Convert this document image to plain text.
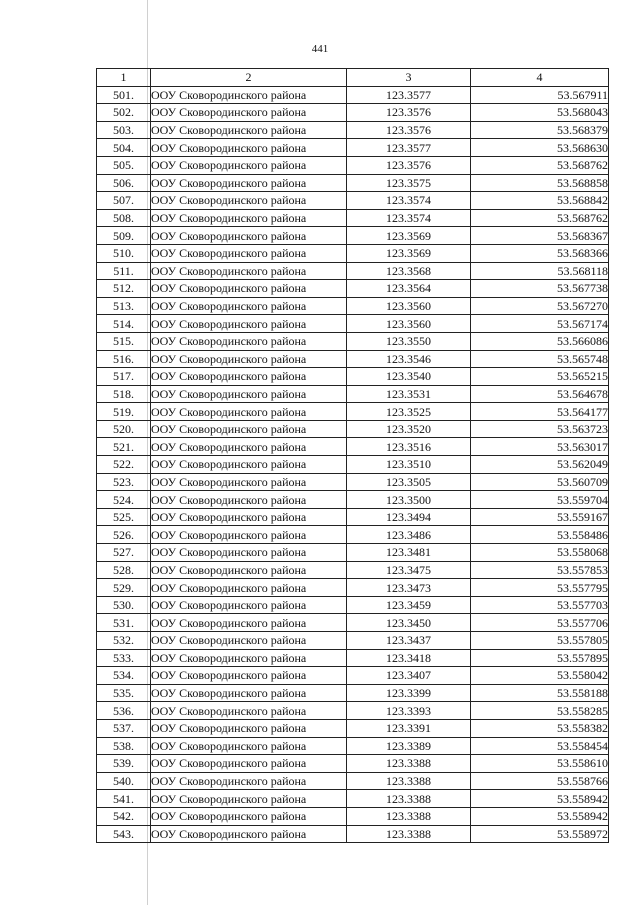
441
1	2	3	4
501.	ООУ Сковородинского района	123.3577	53.567911
502.	ООУ Сковородинского района	123.3576	53.568043
503.	ООУ Сковородинского района	123.3576	53.568379
504.	ООУ Сковородинского района	123.3577	53.568630
505.	ООУ Сковородинского района	123.3576	53.568762
506.	ООУ Сковородинского района	123.3575	53.568858
507.	ООУ Сковородинского района	123.3574	53.568842
508.	ООУ Сковородинского района	123.3574	53.568762
509.	ООУ Сковородинского района	123.3569	53.568367
510.	ООУ Сковородинского района	123.3569	53.568366
511.	ООУ Сковородинского района	123.3568	53.568118
512.	ООУ Сковородинского района	123.3564	53.567738
513.	ООУ Сковородинского района	123.3560	53.567270
514.	ООУ Сковородинского района	123.3560	53.567174
515.	ООУ Сковородинского района	123.3550	53.566086
516.	ООУ Сковородинского района	123.3546	53.565748
517.	ООУ Сковородинского района	123.3540	53.565215
518.	ООУ Сковородинского района	123.3531	53.564678
519.	ООУ Сковородинского района	123.3525	53.564177
520.	ООУ Сковородинского района	123.3520	53.563723
521.	ООУ Сковородинского района	123.3516	53.563017
522.	ООУ Сковородинского района	123.3510	53.562049
523.	ООУ Сковородинского района	123.3505	53.560709
524.	ООУ Сковородинского района	123.3500	53.559704
525.	ООУ Сковородинского района	123.3494	53.559167
526.	ООУ Сковородинского района	123.3486	53.558486
527.	ООУ Сковородинского района	123.3481	53.558068
528.	ООУ Сковородинского района	123.3475	53.557853
529.	ООУ Сковородинского района	123.3473	53.557795
530.	ООУ Сковородинского района	123.3459	53.557703
531.	ООУ Сковородинского района	123.3450	53.557706
532.	ООУ Сковородинского района	123.3437	53.557805
533.	ООУ Сковородинского района	123.3418	53.557895
534.	ООУ Сковородинского района	123.3407	53.558042
535.	ООУ Сковородинского района	123.3399	53.558188
536.	ООУ Сковородинского района	123.3393	53.558285
537.	ООУ Сковородинского района	123.3391	53.558382
538.	ООУ Сковородинского района	123.3389	53.558454
539.	ООУ Сковородинского района	123.3388	53.558610
540.	ООУ Сковородинского района	123.3388	53.558766
541.	ООУ Сковородинского района	123.3388	53.558942
542.	ООУ Сковородинского района	123.3388	53.558942
543.	ООУ Сковородинского района	123.3388	53.558972
